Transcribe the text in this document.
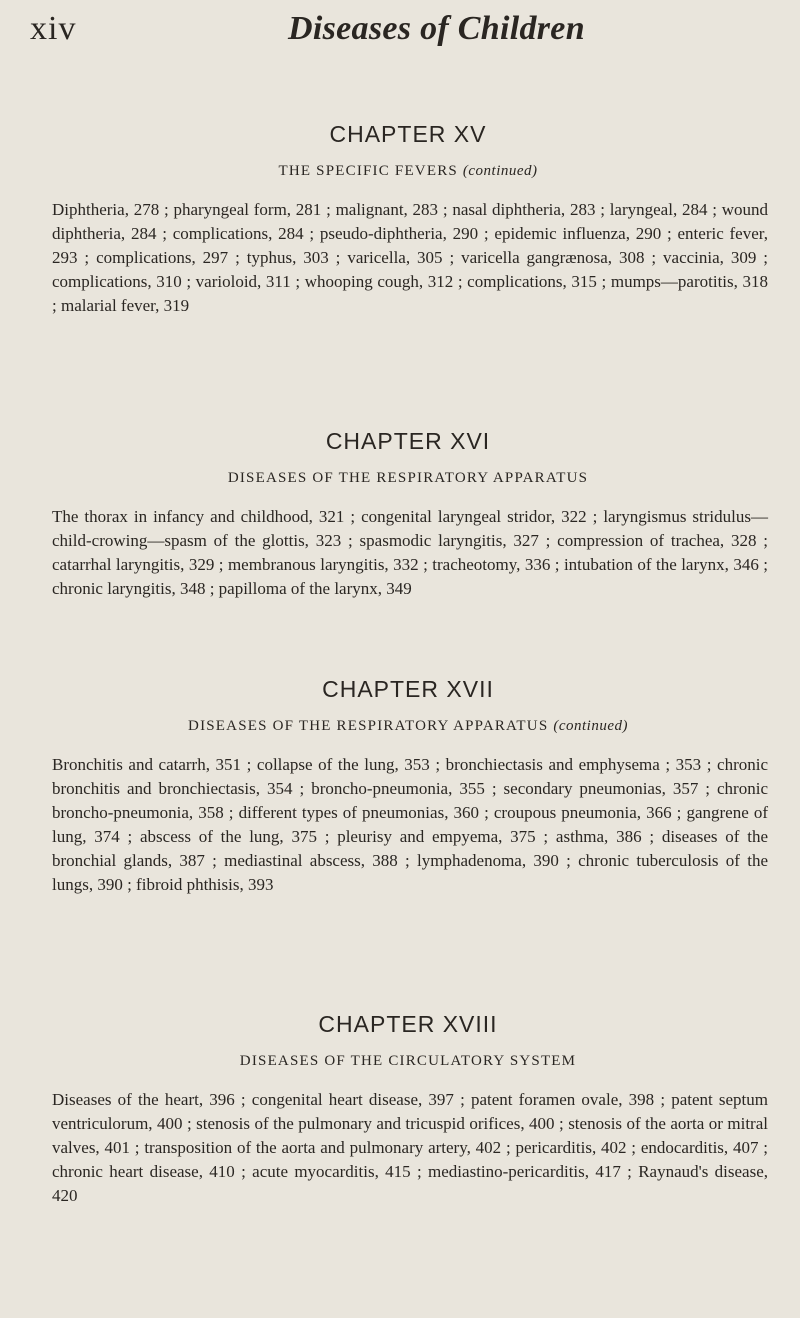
xiv	Diseases of Children
CHAPTER XV
THE SPECIFIC FEVERS (continued)

Diphtheria, 278 ; pharyngeal form, 281 ; malignant, 283 ; nasal diphtheria, 283 ; laryngeal, 284 ; wound diphtheria, 284 ; complications, 284 ; pseudo-diphtheria, 290 ; epidemic influenza, 290 ; enteric fever, 293 ; complications, 297 ; typhus, 303 ; varicella, 305 ; varicella gangrænosa, 308 ; vaccinia, 309 ; complications, 310 ; varioloid, 311 ; whooping cough, 312 ; complications, 315 ; mumps—parotitis, 318 ; malarial fever, 319

CHAPTER XVI
DISEASES OF THE RESPIRATORY APPARATUS

The thorax in infancy and childhood, 321 ; congenital laryngeal stridor, 322 ; laryngismus stridulus—child-crowing—spasm of the glottis, 323 ; spasmodic laryngitis, 327 ; compression of trachea, 328 ; catarrhal laryngitis, 329 ; membranous laryngitis, 332 ; tracheotomy, 336 ; intubation of the larynx, 346 ; chronic laryngitis, 348 ; papilloma of the larynx, 349

CHAPTER XVII
DISEASES OF THE RESPIRATORY APPARATUS (continued)

Bronchitis and catarrh, 351 ; collapse of the lung, 353 ; bronchiectasis and emphysema ; 353 ; chronic bronchitis and bronchiectasis, 354 ; broncho-pneumonia, 355 ; secondary pneumonias, 357 ; chronic broncho-pneumonia, 358 ; different types of pneumonias, 360 ; croupous pneumonia, 366 ; gangrene of lung, 374 ; abscess of the lung, 375 ; pleurisy and empyema, 375 ; asthma, 386 ; diseases of the bronchial glands, 387 ; mediastinal abscess, 388 ; lymphadenoma, 390 ; chronic tuberculosis of the lungs, 390 ; fibroid phthisis, 393

CHAPTER XVIII
DISEASES OF THE CIRCULATORY SYSTEM

Diseases of the heart, 396 ; congenital heart disease, 397 ; patent foramen ovale, 398 ; patent septum ventriculorum, 400 ; stenosis of the pulmonary and tricuspid orifices, 400 ; stenosis of the aorta or mitral valves, 401 ; transposition of the aorta and pulmonary artery, 402 ; pericarditis, 402 ; endocarditis, 407 ; chronic heart disease, 410 ; acute myocarditis, 415 ; mediastino-pericarditis, 417 ; Raynaud's disease, 420
